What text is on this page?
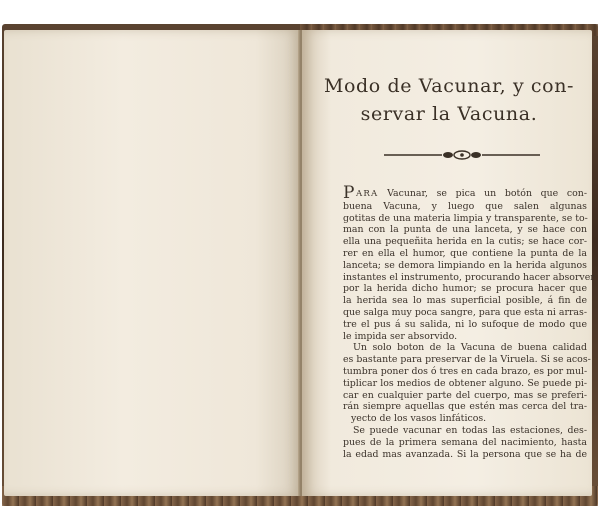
Modo de Vacunar, y con-
servar la Vacuna.
PARA Vacunar, se pica un botón que con-
buena Vacuna, y luego que salen algunas
gotitas de una materia limpia y transparente, se to-
man con la punta de una lanceta, y se hace con
ella una pequeñita herida en la cutis; se hace cor-
rer en ella el humor, que contiene la punta de la
lanceta; se demora limpiando en la herida algunos
instantes el instrumento, procurando hacer absorver
por la herida dicho humor; se procura hacer que
la herida sea lo mas superficial posible, á fin de
que salga muy poca sangre, para que esta ni arras-
tre el pus á su salida, ni lo sufoque de modo que
le impida ser absorvido.
Un solo boton de la Vacuna de buena calidad
es bastante para preservar de la Viruela. Si se acos-
tumbra poner dos ó tres en cada brazo, es por mul-
tiplicar los medios de obtener alguno. Se puede pi-
car en cualquier parte del cuerpo, mas se preferi-
rán siempre aquellas que estén mas cerca del tra-
yecto de los vasos linfáticos.
Se puede vacunar en todas las estaciones, des-
pues de la primera semana del nacimiento, hasta
la edad mas avanzada. Si la persona que se ha de
